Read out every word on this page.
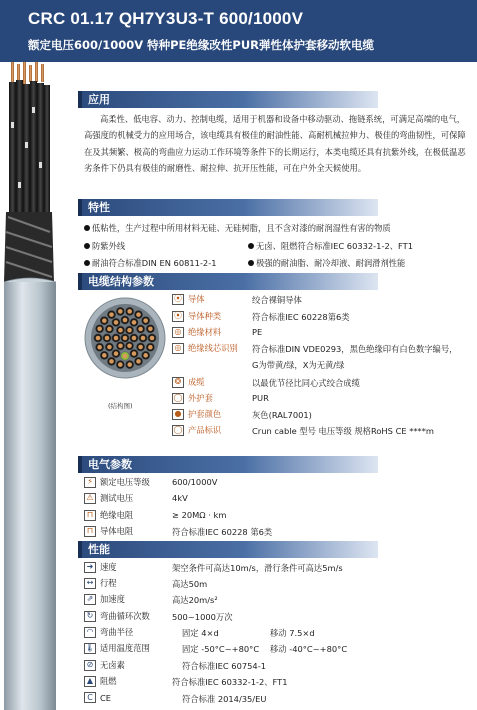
CRC 01.17 QH7Y3U3-T 600/1000V
额定电压600/1000V 特种PE绝缘改性PUR弹性体护套移动软电缆
应用
高柔性、低电容、动力、控制电缆，适用于机器和设备中移动驱动、拖链系统，可满足高端的电气，高强度的机械受力的应用场合，该电缆具有极佳的耐油性能、高耐机械拉伸力、极佳的弯曲韧性，可保障在及其频繁、极高的弯曲应力运动工作环境等条件下的长期运行，本类电缆还具有抗紫外线，在极低温恶劣条件下仍具有极佳的耐磨性、耐拉伸、抗开压性能，可在户外全天候使用。
特性
低粘性，生产过程中所用材料无硅、无硅树脂，且不含对漆的耐润湿性有害的物质
防紫外线	无卤、阻燃符合标准IEC 60332-1-2、FT1
耐油符合标准DIN EN 60811-2-1	极强的耐油脂、耐冷却液、耐润滑剂性能
电缆结构参数
(结构图)
⦿ 导体	绞合裸铜导体
⦿ 导体种类	符合标准IEC 60228第6类
◎ 绝缘材料	PE
◎ 绝缘线芯识别 符合标准DIN VDE0293，黑色绝缘印有白色数字编号，
G为带黄/绿，X为无黄/绿
❂ 成缆	以最优节径比同心式绞合成缆
◯ 外护套	PUR
● 护套颜色	灰色(RAL7001)
◯ 产品标识	Crun cable 型号 电压等级 规格RoHS CE ****m
电气参数
⚡ 额定电压等级	600/1000V
⚠ 测试电压	4kV
⊓ 绝缘电阻	≥ 20MΩ · km
⊓ 导体电阻	符合标准IEC 60228 第6类
性能
➜ 速度	架空条件可高达10m/s，滑行条件可高达5m/s
↔ 行程	高达50m
⇗ 加速度	高达20m/s²
↻ 弯曲循环次数	500~1000万次
◠ 弯曲半径	固定 4×d	移动 7.5×d
🌡 适用温度范围	固定 -50°C~+80°C 移动 -40°C~+80°C
⊘ 无卤素	符合标准IEC 60754-1
▲ 阻燃	符合标准IEC 60332-1-2、FT1
C CE	符合标准 2014/35/EU
